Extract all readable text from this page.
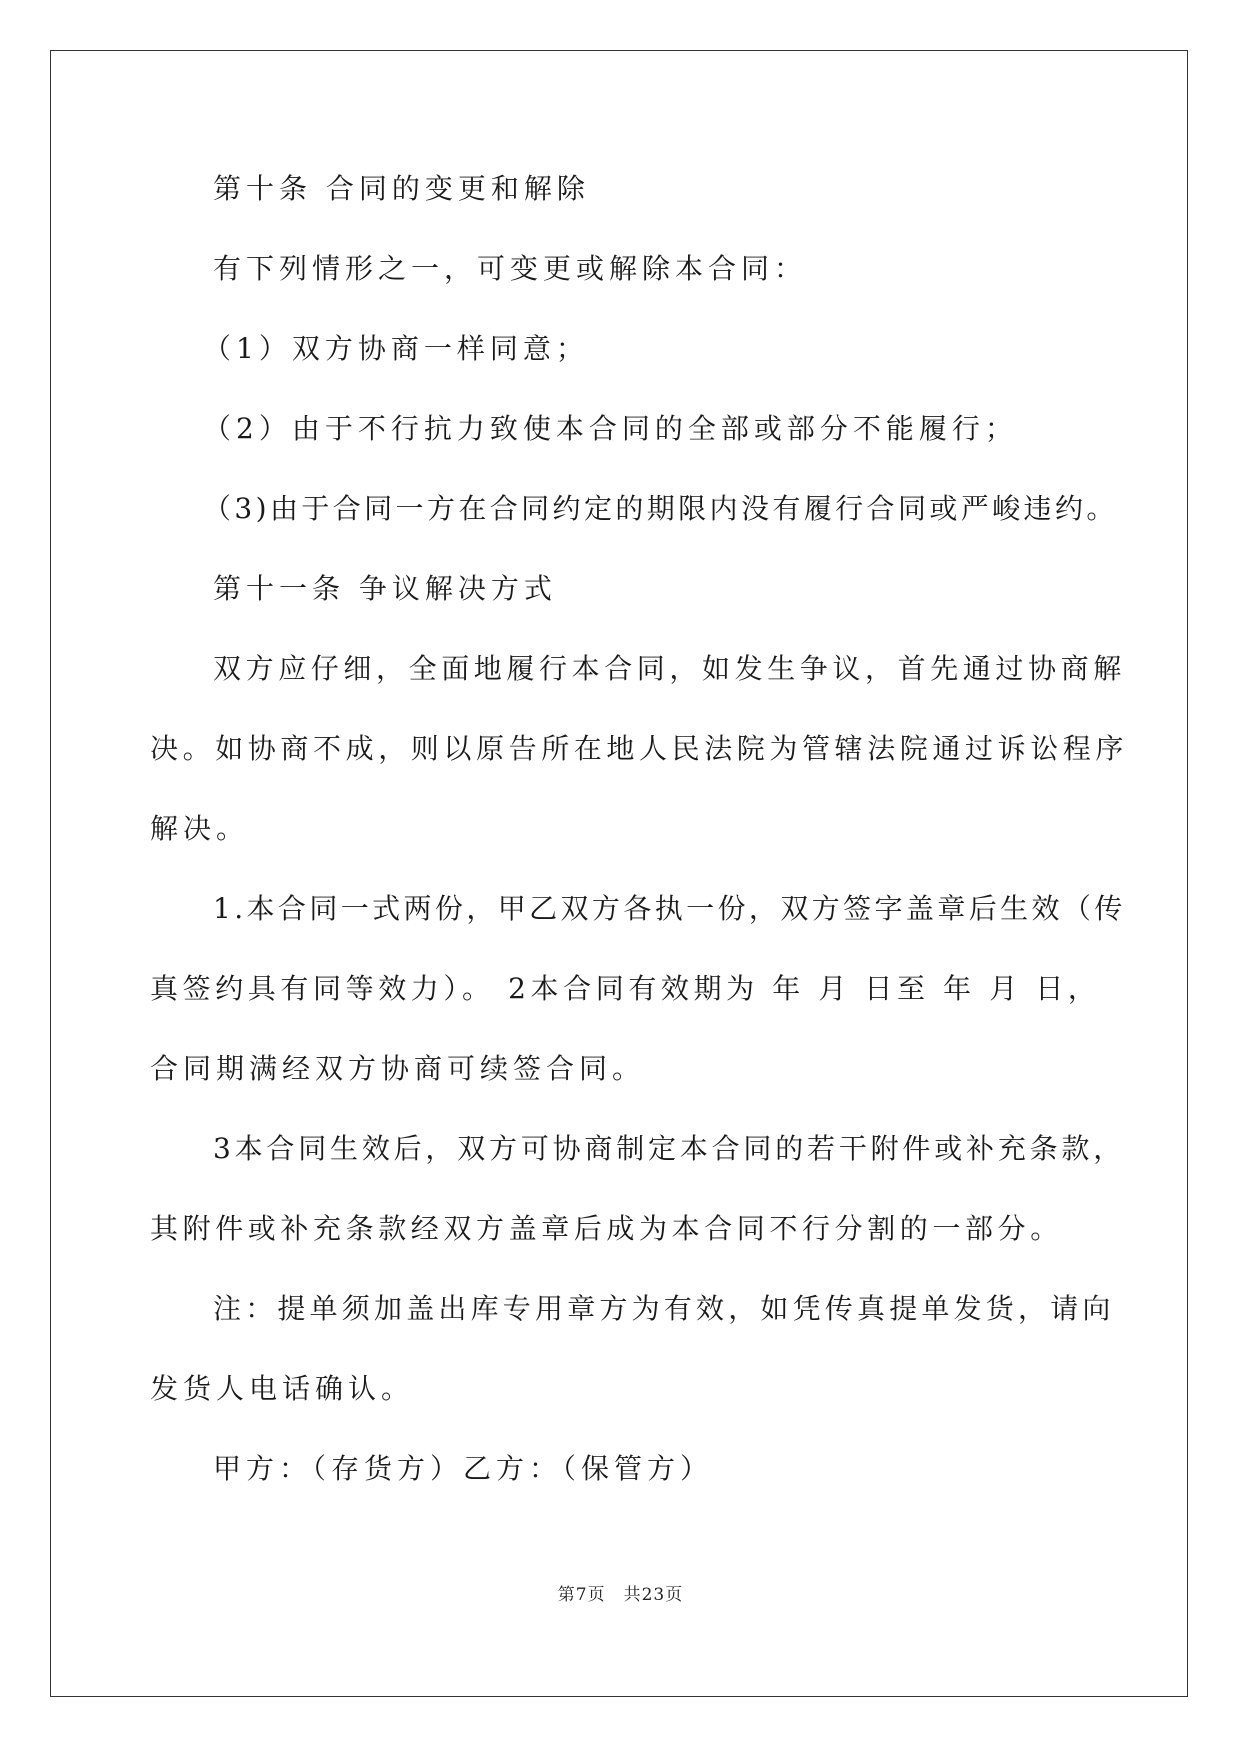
第十条 合同的变更和解除
有下列情形之一，可变更或解除本合同：
（1）双方协商一样同意；
（2）由于不行抗力致使本合同的全部或部分不能履行；
（3)由于合同一方在合同约定的期限内没有履行合同或严峻违约。
第十一条 争议解决方式
双方应仔细，全面地履行本合同，如发生争议，首先通过协商解
决。如协商不成，则以原告所在地人民法院为管辖法院通过诉讼程序
解决。
1.本合同一式两份，甲乙双方各执一份，双方签字盖章后生效（传
真签约具有同等效力）。 2本合同有效期为 年 月 日至 年 月 日，
合同期满经双方协商可续签合同。
3本合同生效后，双方可协商制定本合同的若干附件或补充条款，
其附件或补充条款经双方盖章后成为本合同不行分割的一部分。
注：提单须加盖出库专用章方为有效，如凭传真提单发货，请向
发货人电话确认。
甲方：（存货方）乙方：（保管方）
第7页 共23页
